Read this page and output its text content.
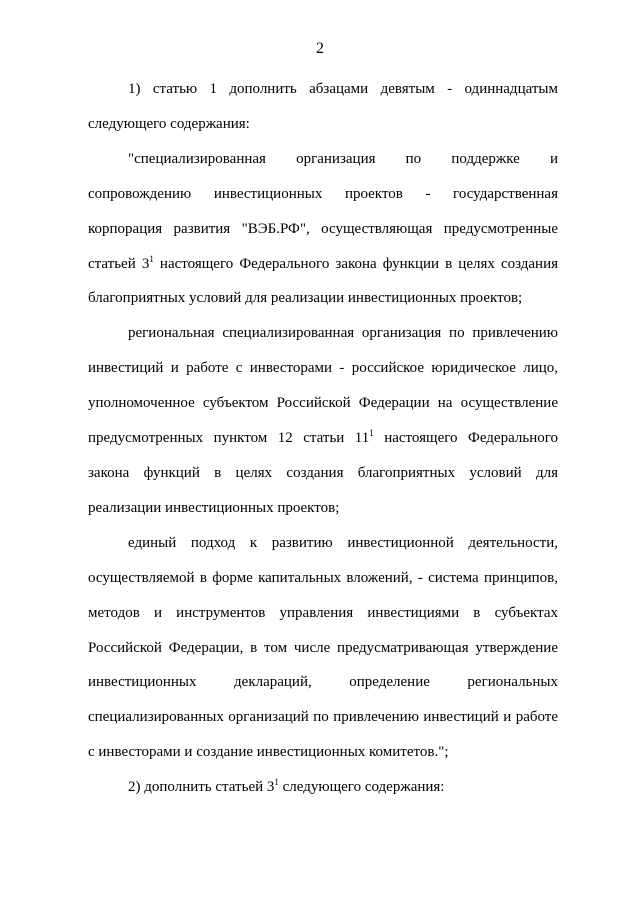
2

1) статью 1 дополнить абзацами девятым - одиннадцатым следующего содержания:

"специализированная организация по поддержке и сопровождению инвестиционных проектов - государственная корпорация развития "ВЭБ.РФ", осуществляющая предусмотренные статьей $3^1$ настоящего Федерального закона функции в целях создания благоприятных условий для реализации инвестиционных проектов;

региональная специализированная организация по привлечению инвестиций и работе с инвесторами - российское юридическое лицо, уполномоченное субъектом Российской Федерации на осуществление предусмотренных пунктом 12 статьи $11^1$ настоящего Федерального закона функций в целях создания благоприятных условий для реализации инвестиционных проектов;

единый подход к развитию инвестиционной деятельности, осуществляемой в форме капитальных вложений, - система принципов, методов и инструментов управления инвестициями в субъектах Российской Федерации, в том числе предусматривающая утверждение инвестиционных деклараций, определение региональных специализированных организаций по привлечению инвестиций и работе с инвесторами и создание инвестиционных комитетов.";

2) дополнить статьей $3^1$ следующего содержания:
